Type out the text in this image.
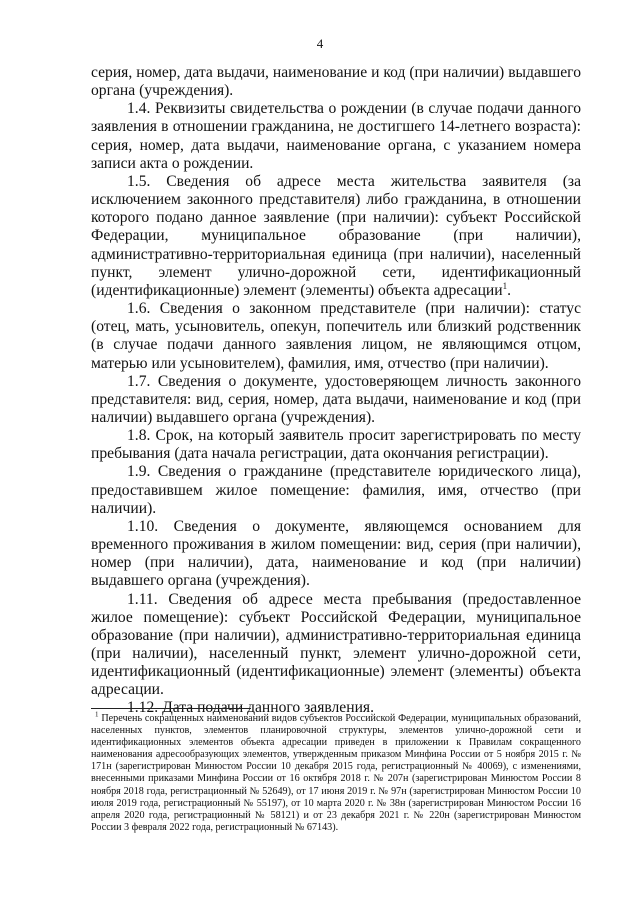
4

серия, номер, дата выдачи, наименование и код (при наличии) выдавшего органа (учреждения).

1.4. Реквизиты свидетельства о рождении (в случае подачи данного заявления в отношении гражданина, не достигшего 14-летнего возраста): серия, номер, дата выдачи, наименование органа, с указанием номера записи акта о рождении.

1.5. Сведения об адресе места жительства заявителя (за исключением законного представителя) либо гражданина, в отношении которого подано данное заявление (при наличии): субъект Российской Федерации, муниципальное образование (при наличии), административно-территориальная единица (при наличии), населенный пункт, элемент улично-дорожной сети, идентификационный (идентификационные) элемент (элементы) объекта адресации$^1$.

1.6. Сведения о законном представителе (при наличии): статус (отец, мать, усыновитель, опекун, попечитель или близкий родственник (в случае подачи данного заявления лицом, не являющимся отцом, матерью или усыновителем), фамилия, имя, отчество (при наличии).

1.7. Сведения о документе, удостоверяющем личность законного представителя: вид, серия, номер, дата выдачи, наименование и код (при наличии) выдавшего органа (учреждения).

1.8. Срок, на который заявитель просит зарегистрировать по месту пребывания (дата начала регистрации, дата окончания регистрации).

1.9. Сведения о гражданине (представителе юридического лица), предоставившем жилое помещение: фамилия, имя, отчество (при наличии).

1.10. Сведения о документе, являющемся основанием для временного проживания в жилом помещении: вид, серия (при наличии), номер (при наличии), дата, наименование и код (при наличии) выдавшего органа (учреждения).

1.11. Сведения об адресе места пребывания (предоставленное жилое помещение): субъект Российской Федерации, муниципальное образование (при наличии), административно-территориальная единица (при наличии), населенный пункт, элемент улично-дорожной сети, идентификационный (идентификационные) элемент (элементы) объекта адресации.

1.12. Дата подачи данного заявления.

$^1$ Перечень сокращенных наименований видов субъектов Российской Федерации, муниципальных образований, населенных пунктов, элементов планировочной структуры, элементов улично-дорожной сети и идентификационных элементов объекта адресации приведен в приложении к Правилам сокращенного наименования адресообразующих элементов, утвержденным приказом Минфина России от 5 ноября 2015 г. № 171н (зарегистрирован Минюстом России 10 декабря 2015 года, регистрационный № 40069), с изменениями, внесенными приказами Минфина России от 16 октября 2018 г. № 207н (зарегистрирован Минюстом России 8 ноября 2018 года, регистрационный № 52649), от 17 июня 2019 г. № 97н (зарегистрирован Минюстом России 10 июля 2019 года, регистрационный № 55197), от 10 марта 2020 г. № 38н (зарегистрирован Минюстом России 16 апреля 2020 года, регистрационный № 58121) и от 23 декабря 2021 г. № 220н (зарегистрирован Минюстом России 3 февраля 2022 года, регистрационный № 67143).
